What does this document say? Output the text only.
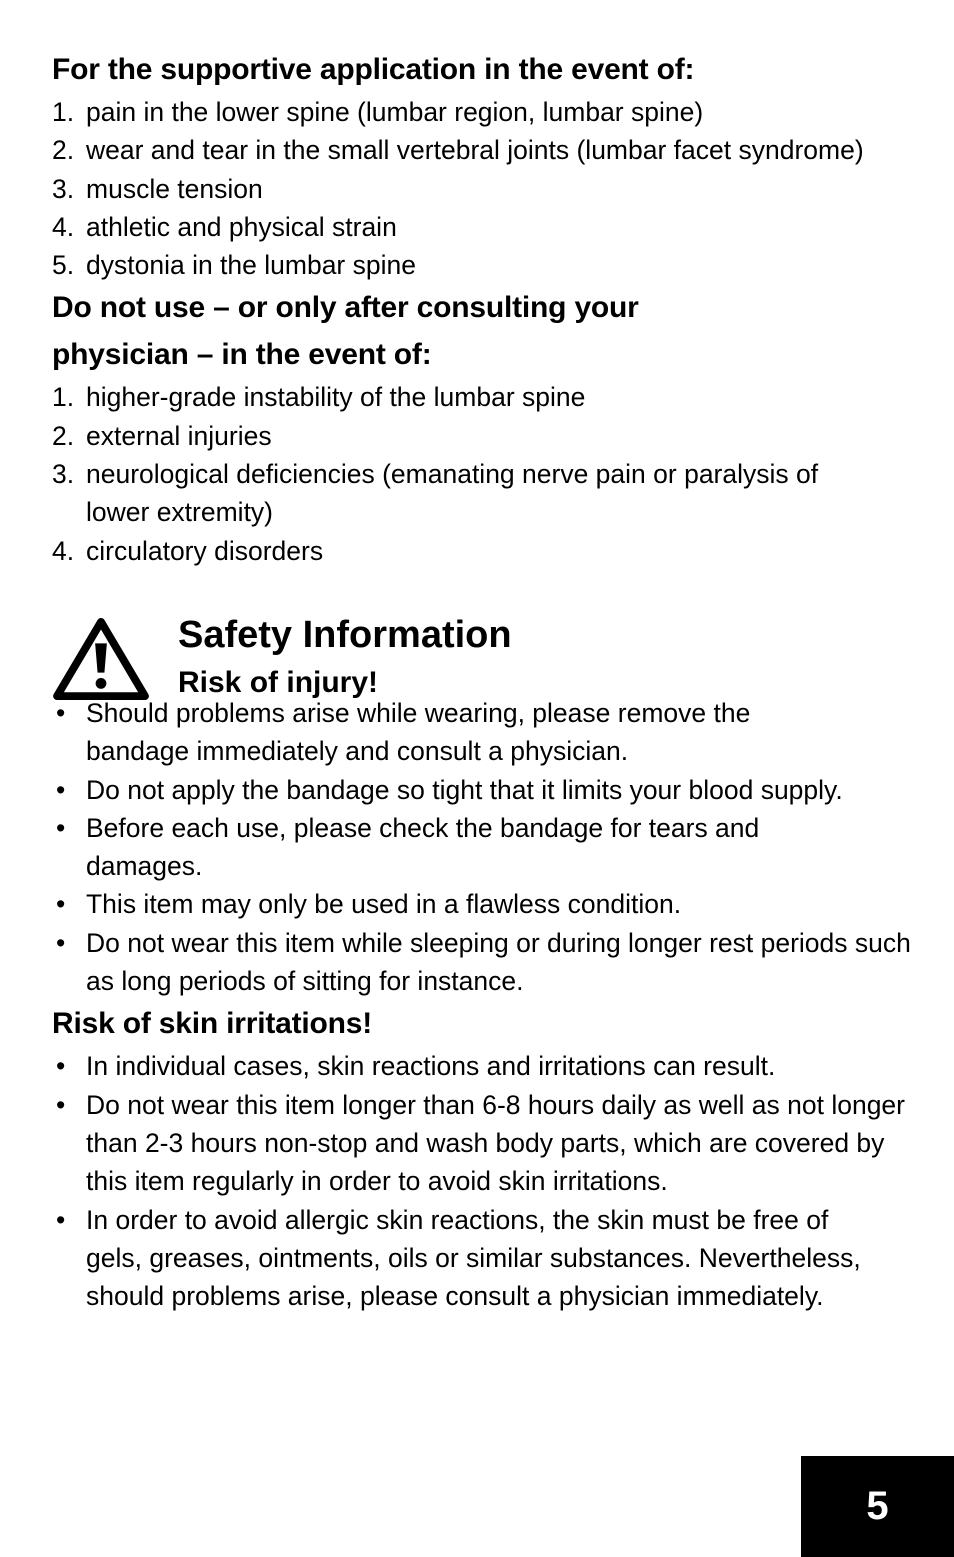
For the supportive application in the event of:
1. pain in the lower spine (lumbar region, lumbar spine)
2. wear and tear in the small vertebral joints (lumbar facet syndrome)
3. muscle tension
4. athletic and physical strain
5. dystonia in the lumbar spine
Do not use – or only after consulting your physician – in the event of:
1. higher-grade instability of the lumbar spine
2. external injuries
3. neurological deficiencies (emanating nerve pain or paralysis of lower extremity)
4. circulatory disorders
Safety Information
Risk of injury!
• Should problems arise while wearing, please remove the bandage immediately and consult a physician.
• Do not apply the bandage so tight that it limits your blood supply.
• Before each use, please check the bandage for tears and damages.
• This item may only be used in a flawless condition.
• Do not wear this item while sleeping or during longer rest periods such as long periods of sitting for instance.
Risk of skin irritations!
• In individual cases, skin reactions and irritations can result.
• Do not wear this item longer than 6-8 hours daily as well as not longer than 2-3 hours non-stop and wash body parts, which are covered by this item regularly in order to avoid skin irritations.
• In order to avoid allergic skin reactions, the skin must be free of gels, greases, ointments, oils or similar substances. Nevertheless, should problems arise, please consult a physician immediately.
5
